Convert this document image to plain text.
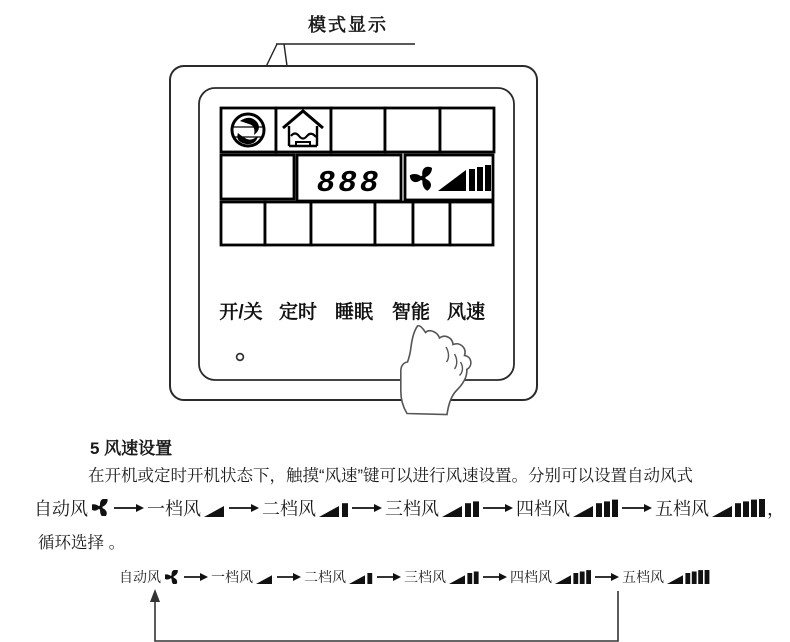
模式显示
888
开/关 定时 睡眠 智能 风速
5 风速设置

在开机或定时开机状态下，触摸“风速”键可以进行风速设置。分别可以设置自动风式

自动风	一档风	二档风	三档风	四档风	五档风	，

循环选择 。

自动风	一档风	二档风	三档风	四档风	五档风
